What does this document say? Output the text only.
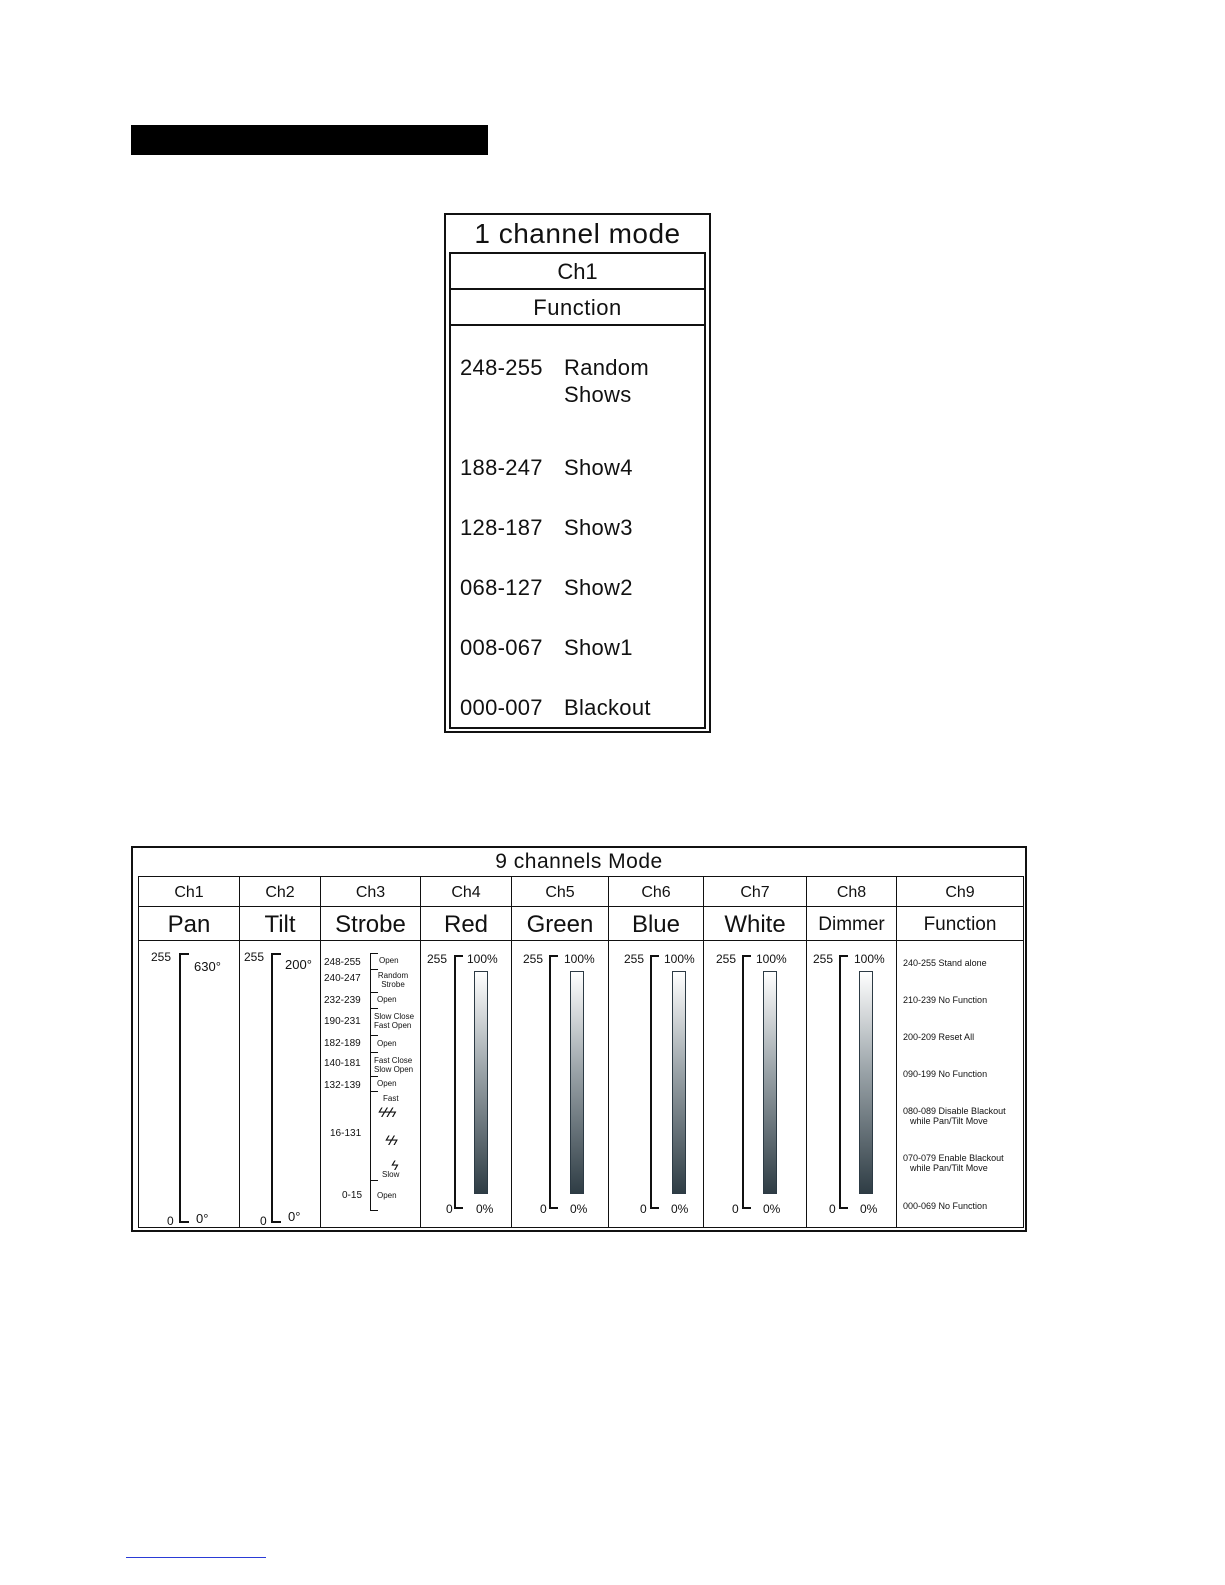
1 channel mode
Ch1
Function
248-255 Random Shows
188-247 Show4
128-187 Show3
068-127 Show2
008-067 Show1
000-007 Blackout
9 channels Mode
Ch1
Pan
255
0
630°
0°
Ch2
Tilt
255
0
200°
0°
Ch3
Strobe
248-255 Open
240-247	Random Strobe
232-239 Open
190-231 Slow Close Fast Open
182-189 Open
140-181 Fast Close Slow Open
132-139 Open
Fast
ϟϟϟ
16-131 ϟϟ
ϟ
Slow
0-15 Open
Ch4
Red
255
0
100%
0%
Ch5
Green
255
0
100%
0%
Ch6
Blue
255
0
100%
0%
Ch7
White
255
0
100%
0%
Ch8
Dimmer
255
0
100%
0%
Ch9
Function
240-255 Stand alone
210-239 No Function
200-209 Reset All
090-199 No Function
080-089 Disable Blackout
while Pan/Tilt Move
070-079 Enable Blackout
while Pan/Tilt Move
000-069 No Function
